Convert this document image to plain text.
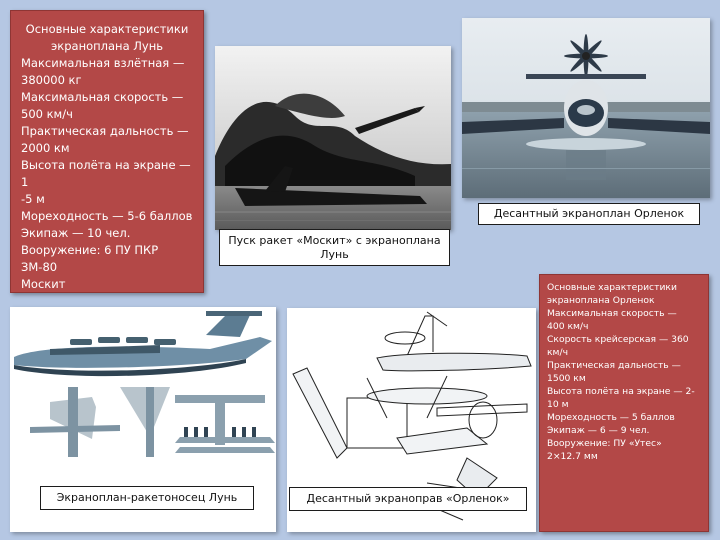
Основные характеристики
экраноплана Лунь
Максимальная взлётная —
380000 кг
Максимальная скорость —
500 км/ч
Практическая дальность —
2000 км
Высота полёта на экране — 1
-5 м
Мореходность — 5-6 баллов
Экипаж — 10 чел.
Вооружение: 6 ПУ ПКР ЗМ-80
Москит
Пуск ракет «Москит» с экраноплана Лунь
Десантный экраноплан Орленок
Экраноплан-ракетоносец Лунь	Десантный экраноправ «Орленок»
Основные характеристики
экраноплана Орленок
Максимальная скорость —
400 км/ч
Скорость крейсерская — 360
км/ч
Практическая дальность —
1500 км
Высота полёта на экране — 2-
10 м
Мореходность — 5 баллов
Экипаж — 6 — 9 чел.
Вооружение: ПУ «Утес»
2×12.7 мм
